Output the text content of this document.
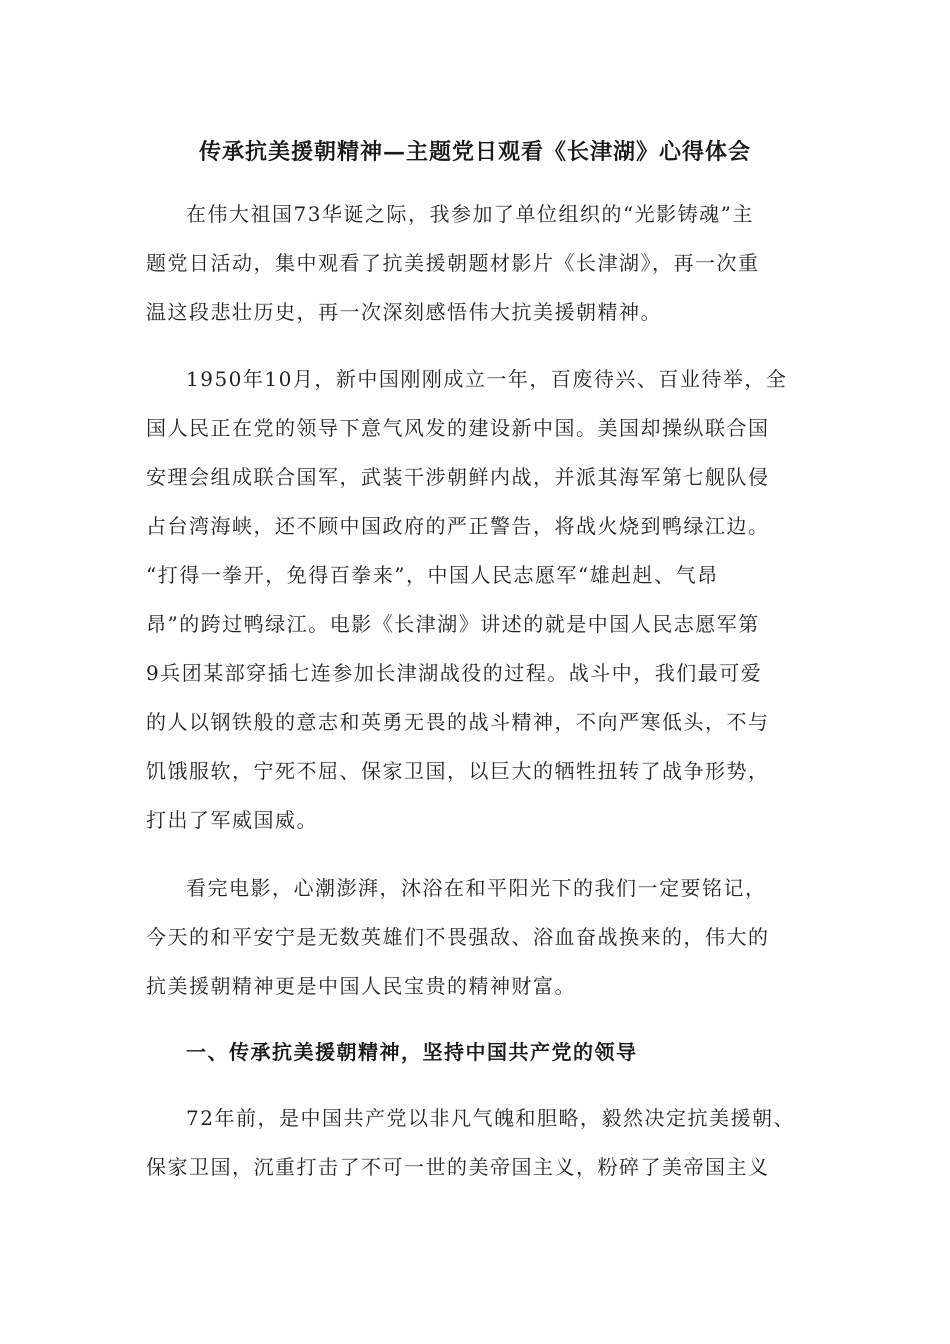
传承抗美援朝精神—主题党日观看《长津湖》心得体会

在伟大祖国73华诞之际，我参加了单位组织的“光影铸魂”主
题党日活动，集中观看了抗美援朝题材影片《长津湖》，再一次重
温这段悲壮历史，再一次深刻感悟伟大抗美援朝精神。

1950年10月，新中国刚刚成立一年，百废待兴、百业待举，全
国人民正在党的领导下意气风发的建设新中国。美国却操纵联合国
安理会组成联合国军，武装干涉朝鲜内战，并派其海军第七舰队侵
占台湾海峡，还不顾中国政府的严正警告，将战火烧到鸭绿江边。
“打得一拳开，免得百拳来”，中国人民志愿军“雄赳赳、气昂
昂”的跨过鸭绿江。电影《长津湖》讲述的就是中国人民志愿军第
9兵团某部穿插七连参加长津湖战役的过程。战斗中，我们最可爱
的人以钢铁般的意志和英勇无畏的战斗精神，不向严寒低头，不与
饥饿服软，宁死不屈、保家卫国，以巨大的牺牲扭转了战争形势，
打出了军威国威。

看完电影，心潮澎湃，沐浴在和平阳光下的我们一定要铭记，
今天的和平安宁是无数英雄们不畏强敌、浴血奋战换来的，伟大的
抗美援朝精神更是中国人民宝贵的精神财富。

一、传承抗美援朝精神，坚持中国共产党的领导

72年前，是中国共产党以非凡气魄和胆略，毅然决定抗美援朝、
保家卫国，沉重打击了不可一世的美帝国主义，粉碎了美帝国主义
